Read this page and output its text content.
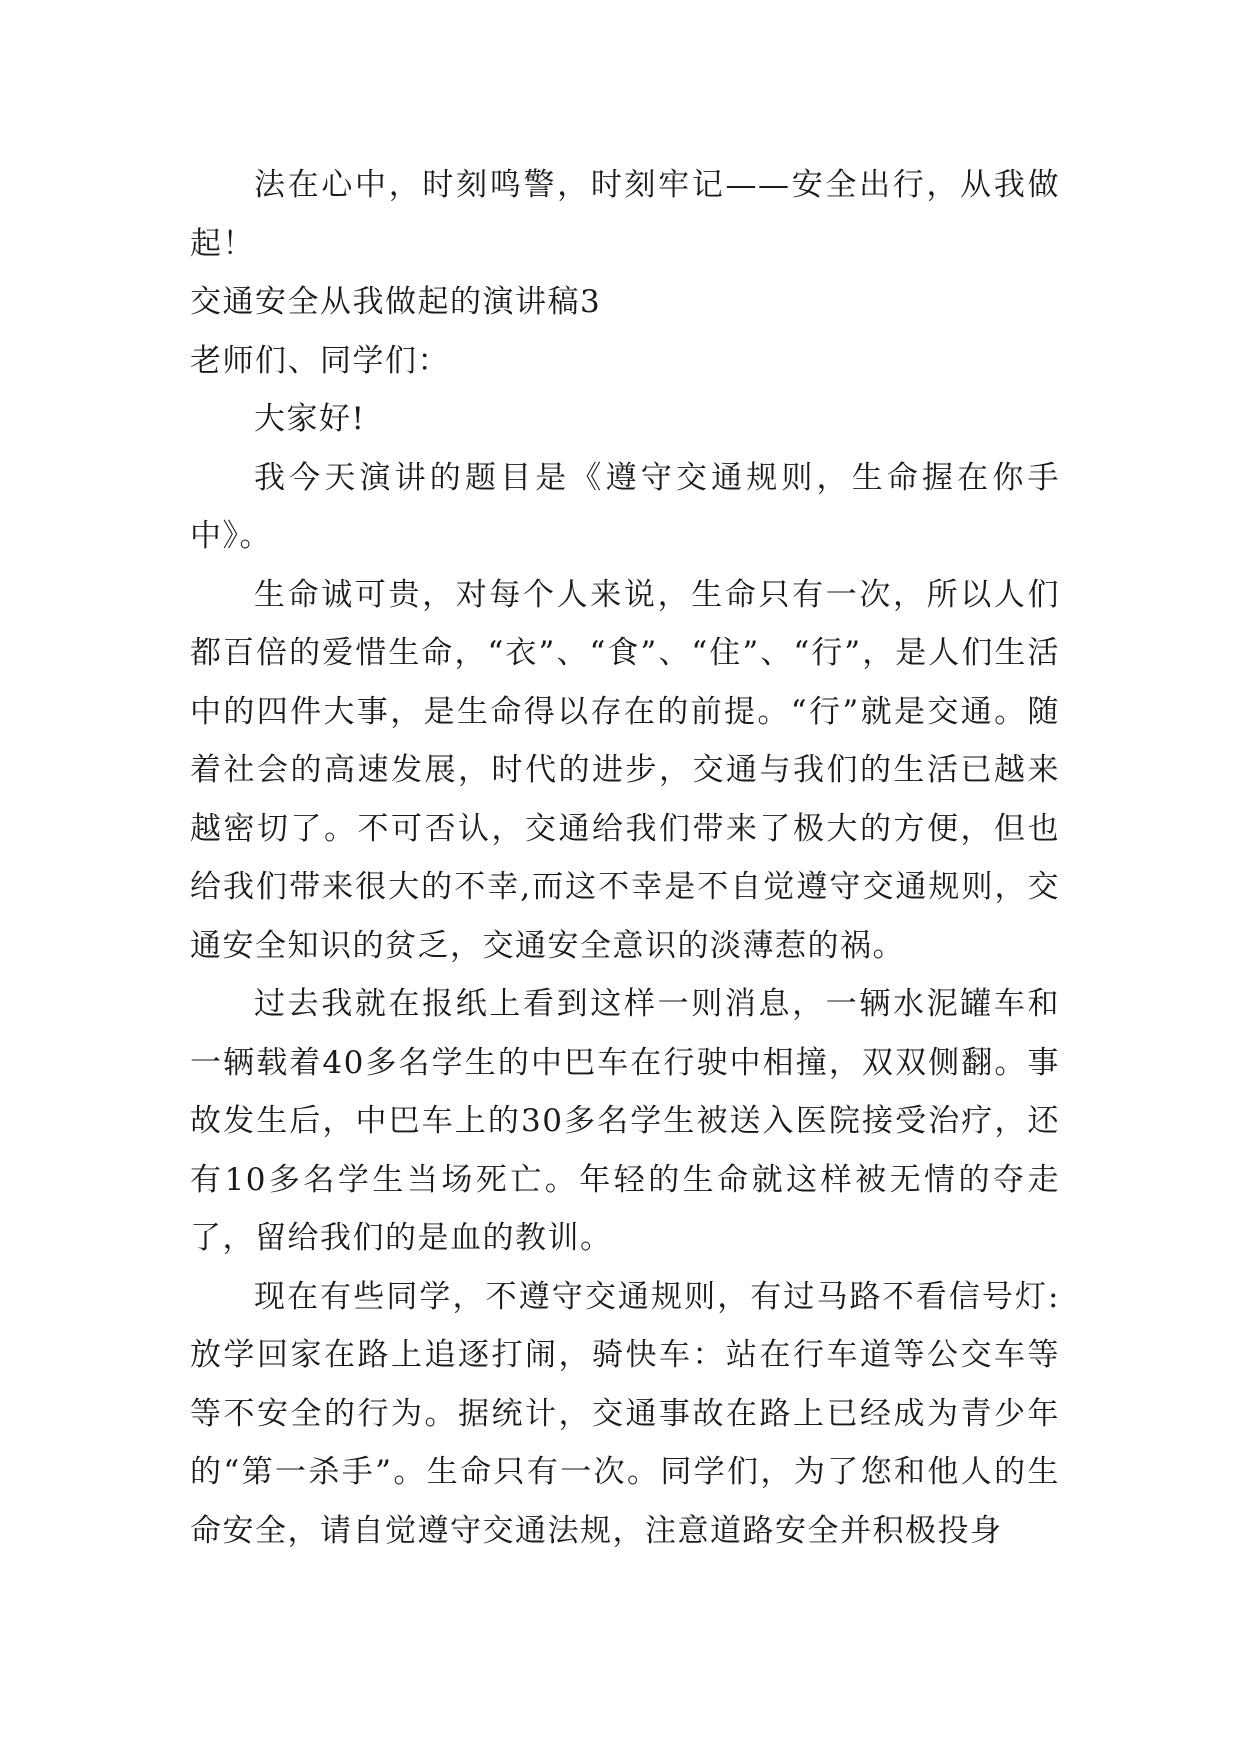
法在心中，时刻鸣警，时刻牢记——安全出行，从我做起！

交通安全从我做起的演讲稿3

老师们、同学们：

大家好!

我今天演讲的题目是《遵守交通规则，生命握在你手中》。

生命诚可贵，对每个人来说，生命只有一次，所以人们都百倍的爱惜生命，“衣”、“食”、“住”、“行”，是人们生活中的四件大事，是生命得以存在的前提。“行”就是交通。随着社会的高速发展，时代的进步，交通与我们的生活已越来越密切了。不可否认，交通给我们带来了极大的方便，但也给我们带来很大的不幸,而这不幸是不自觉遵守交通规则，交通安全知识的贫乏，交通安全意识的淡薄惹的祸。

过去我就在报纸上看到这样一则消息，一辆水泥罐车和一辆载着40多名学生的中巴车在行驶中相撞，双双侧翻。事故发生后，中巴车上的30多名学生被送入医院接受治疗，还有10多名学生当场死亡。年轻的生命就这样被无情的夺走了，留给我们的是血的教训。

现在有些同学，不遵守交通规则，有过马路不看信号灯:放学回家在路上追逐打闹，骑快车：站在行车道等公交车等等不安全的行为。据统计，交通事故在路上已经成为青少年的“第一杀手”。生命只有一次。同学们，为了您和他人的生命安全，请自觉遵守交通法规，注意道路安全并积极投身
